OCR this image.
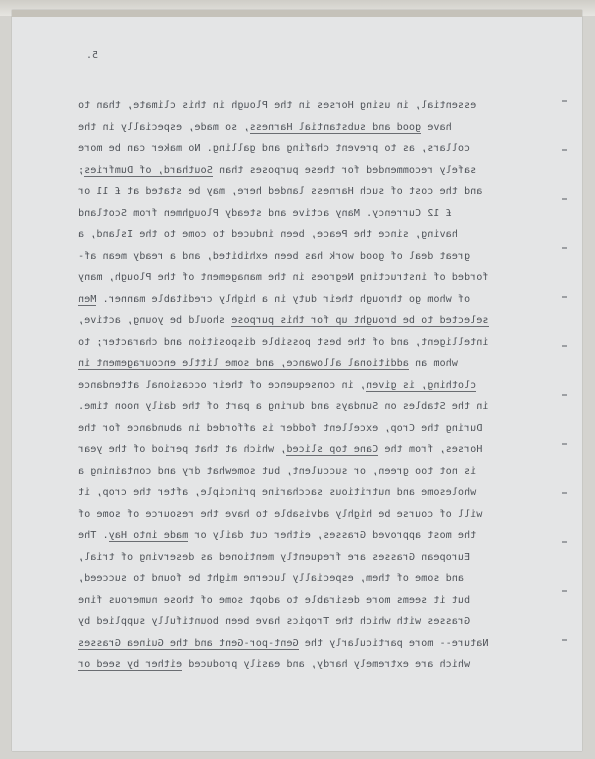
5.
essential, in using Horses in the Plough in this climate, than to
have good and substantial Harness, so made, especially in the
collars, as to prevent chafing and galling. No maker can be more
safely recommended for these purposes than Southard, of Dumfries;
and the cost of such Harness landed here, may be stated at £ 11 or
£ 12 Currency. Many active and steady Ploughmen from Scotland
having, since the Peace, been induced to come to the Island, a
great deal of good work has been exhibited, and a ready mean af-
forded of instructing Negroes in the management of the Plough, many
of whom go through their duty in a highly creditable manner. Men
selected to be brought up for this purpose should be young, active,
intelligent, and of the best possible disposition and character; to
whom an additional allowance, and some little encouragement in
clothing, is given, in consequence of their occasional attendance
in the Stables on Sundays and during a part of the daily noon time.
During the Crop, excellent fodder is afforded in abundance for the
Horses, from the Cane top sliced, which at that period of the year
is not too green, or succulent, but somewhat dry and containing a
wholesome and nutritious saccharine principle, after the crop, it
will of course be highly advisable to have the resource of some of
the most approved Grasses, either cut daily or made into Hay. The
European Grasses are frequently mentioned as deserving of trial,
and some of them, especially lucerne might be found to succeed,
but it seems more desirable to adopt some of those numerous fine
Grasses with which the Tropics have been bountifully supplied by
Nature-- more particularly the Gent-por-Gent and the Guinea Grasses
which are extremely hardy, and easily produced either by seed or
